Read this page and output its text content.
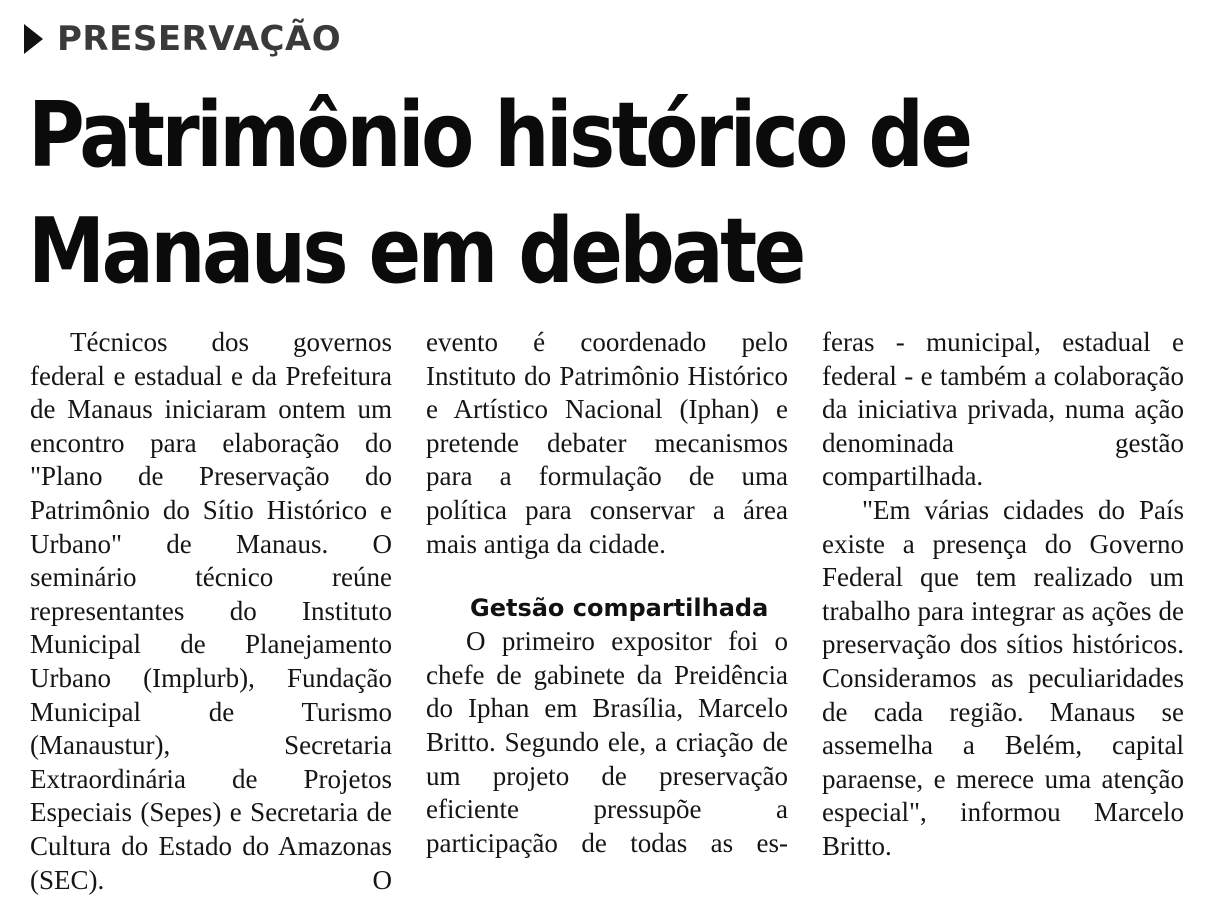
PRESERVAÇÃO
Patrimônio histórico de
Manaus em debate

Técnicos dos governos federal e estadual e da Prefeitura de Manaus iniciaram ontem um encontro para elaboração do "Plano de Preservação do Patrimônio do Sítio Histórico e Urbano" de Manaus. O seminário técnico reúne representantes do Instituto Municipal de Planejamento Urbano (Implurb), Fundação Municipal de Turismo (Manaustur), Secretaria Extraordinária de Projetos Especiais (Sepes) e Secretaria de Cultura do Estado do Amazonas (SEC). O

evento é coordenado pelo Instituto do Patrimônio Histórico e Artístico Nacional (Iphan) e pretende debater mecanismos para a formulação de uma política para conservar a área mais antiga da cidade.

Getsão compartilhada

O primeiro expositor foi o chefe de gabinete da Preidência do Iphan em Brasília, Marcelo Britto. Segundo ele, a criação de um projeto de preservação eficiente pressupõe a participação de todas as es-

feras - municipal, estadual e federal - e também a colaboração da iniciativa privada, numa ação denominada gestão compartilhada.

"Em várias cidades do País existe a presença do Governo Federal que tem realizado um trabalho para integrar as ações de preservação dos sítios históricos. Consideramos as peculiaridades de cada região. Manaus se assemelha a Belém, capital paraense, e merece uma atenção especial", informou Marcelo Britto.
